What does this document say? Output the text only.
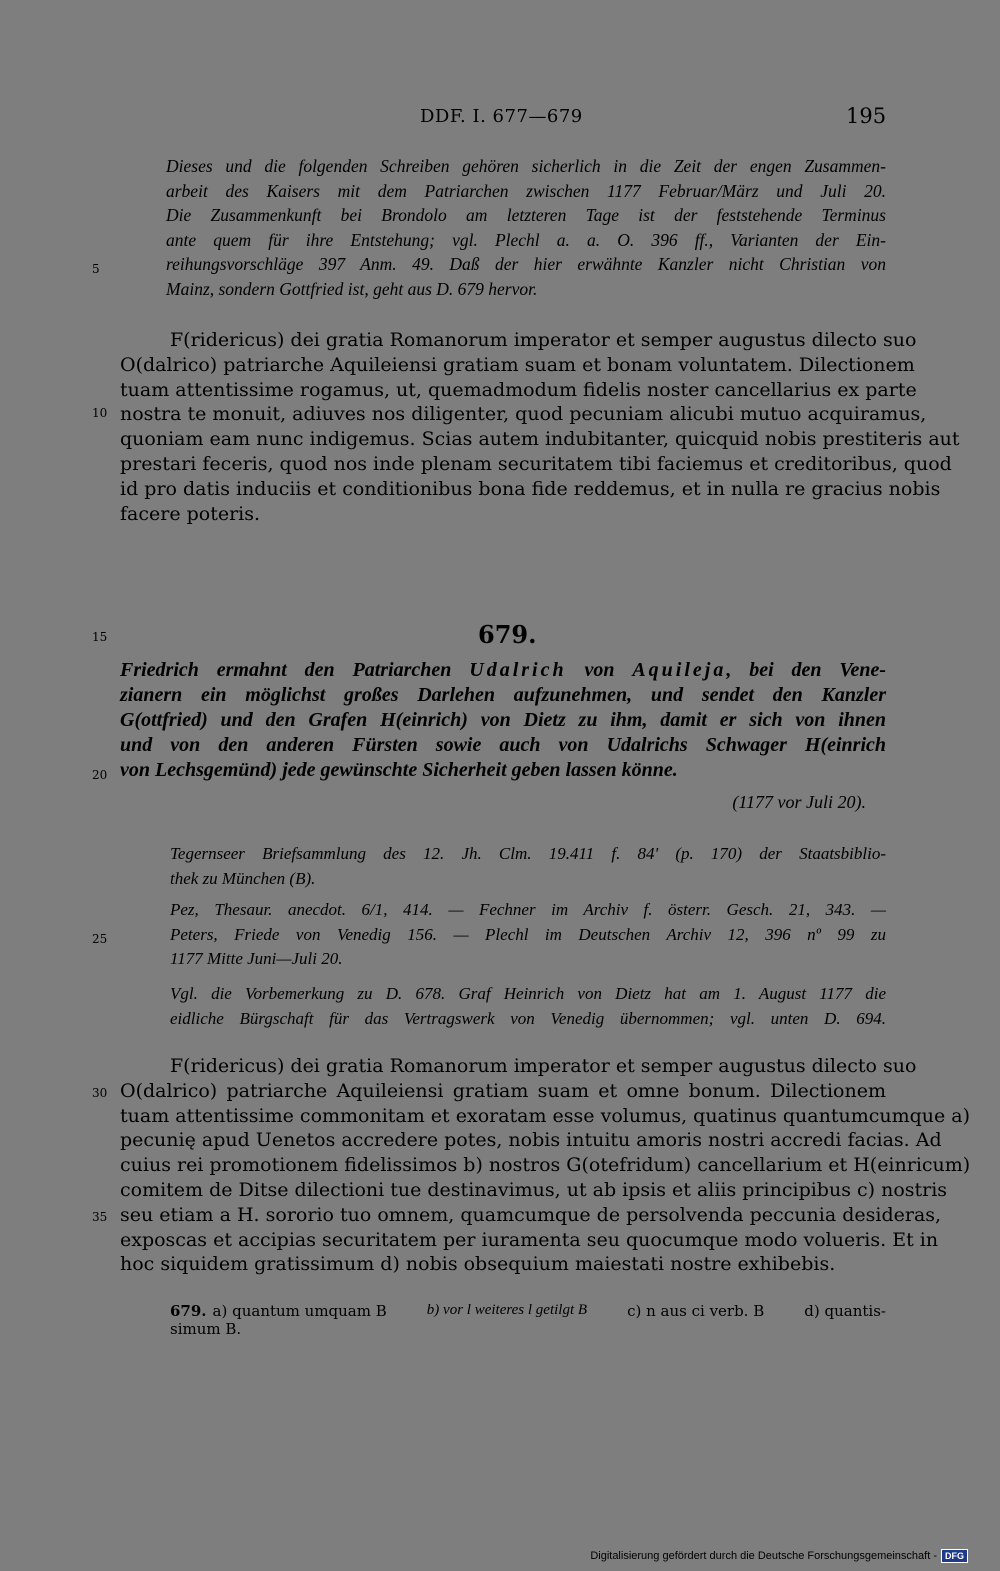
DDF. I. 677—679	195
Dieses und die folgenden Schreiben gehören sicherlich in die Zeit der engen Zusammen-
arbeit des Kaisers mit dem Patriarchen zwischen 1177 Februar/März und Juli 20.
Die Zusammenkunft bei Brondolo am letzteren Tage ist der feststehende Terminus
ante quem für ihre Entstehung; vgl. Plechl a. a. O. 396 ff., Varianten der Ein-
reihungsvorschläge 397 Anm. 49. Daß der hier erwähnte Kanzler nicht Christian von
Mainz, sondern Gottfried ist, geht aus D. 679 hervor.
F(ridericus) dei gratia Romanorum imperator et semper augustus dilecto suo
O(dalrico) patriarche Aquileiensi gratiam suam et bonam voluntatem. Dilectionem
tuam attentissime rogamus, ut, quemadmodum fidelis noster cancellarius ex parte
nostra te monuit, adiuves nos diligenter, quod pecuniam alicubi mutuo acquiramus,
quoniam eam nunc indigemus. Scias autem indubitanter, quicquid nobis prestiteris aut
prestari feceris, quod nos inde plenam securitatem tibi faciemus et creditoribus, quod
id pro datis induciis et conditionibus bona fide reddemus, et in nulla re gracius nobis
facere poteris.
679.
Friedrich ermahnt den Patriarchen Udalrich von Aquileja, bei den Vene-
zianern ein möglichst großes Darlehen aufzunehmen, und sendet den Kanzler
G(ottfried) und den Grafen H(einrich) von Dietz zu ihm, damit er sich von ihnen
und von den anderen Fürsten sowie auch von Udalrichs Schwager H(einrich
von Lechsgemünd) jede gewünschte Sicherheit geben lassen könne.
(1177 vor Juli 20).
Tegernseer Briefsammlung des 12. Jh. Clm. 19.411 f. 84' (p. 170) der Staatsbiblio-
thek zu München (B).
Pez, Thesaur. anecdot. 6/1, 414. — Fechner im Archiv f. österr. Gesch. 21, 343. —
Peters, Friede von Venedig 156. — Plechl im Deutschen Archiv 12, 396 nº 99 zu
1177 Mitte Juni—Juli 20.
Vgl. die Vorbemerkung zu D. 678. Graf Heinrich von Dietz hat am 1. August 1177 die
eidliche Bürgschaft für das Vertragswerk von Venedig übernommen; vgl. unten D. 694.
F(ridericus) dei gratia Romanorum imperator et semper augustus dilecto suo
O(dalrico) patriarche Aquileiensi gratiam suam et omne bonum. Dilectionem
tuam attentissime commonitam et exoratam esse volumus, quatinus quantumcumque a)
pecunię apud Uenetos accredere potes, nobis intuitu amoris nostri accredi facias. Ad
cuius rei promotionem fidelissimos b) nostros G(otefridum) cancellarium et H(einricum)
comitem de Ditse dilectioni tue destinavimus, ut ab ipsis et aliis principibus c) nostris
seu etiam a H. sororio tuo omnem, quamcumque de persolvenda peccunia desideras,
exposcas et accipias securitatem per iuramenta seu quocumque modo volueris. Et in
hoc siquidem gratissimum d) nobis obsequium maiestati nostre exhibebis.
679. a) quantum umquam B	b) vor l weiteres l getilgt B	c) n aus ci verb. B	d) quantis-
simum B.
5
10
15
20
25
30
35
Digitalisierung gefördert durch die Deutsche Forschungsgemeinschaft - DFG
